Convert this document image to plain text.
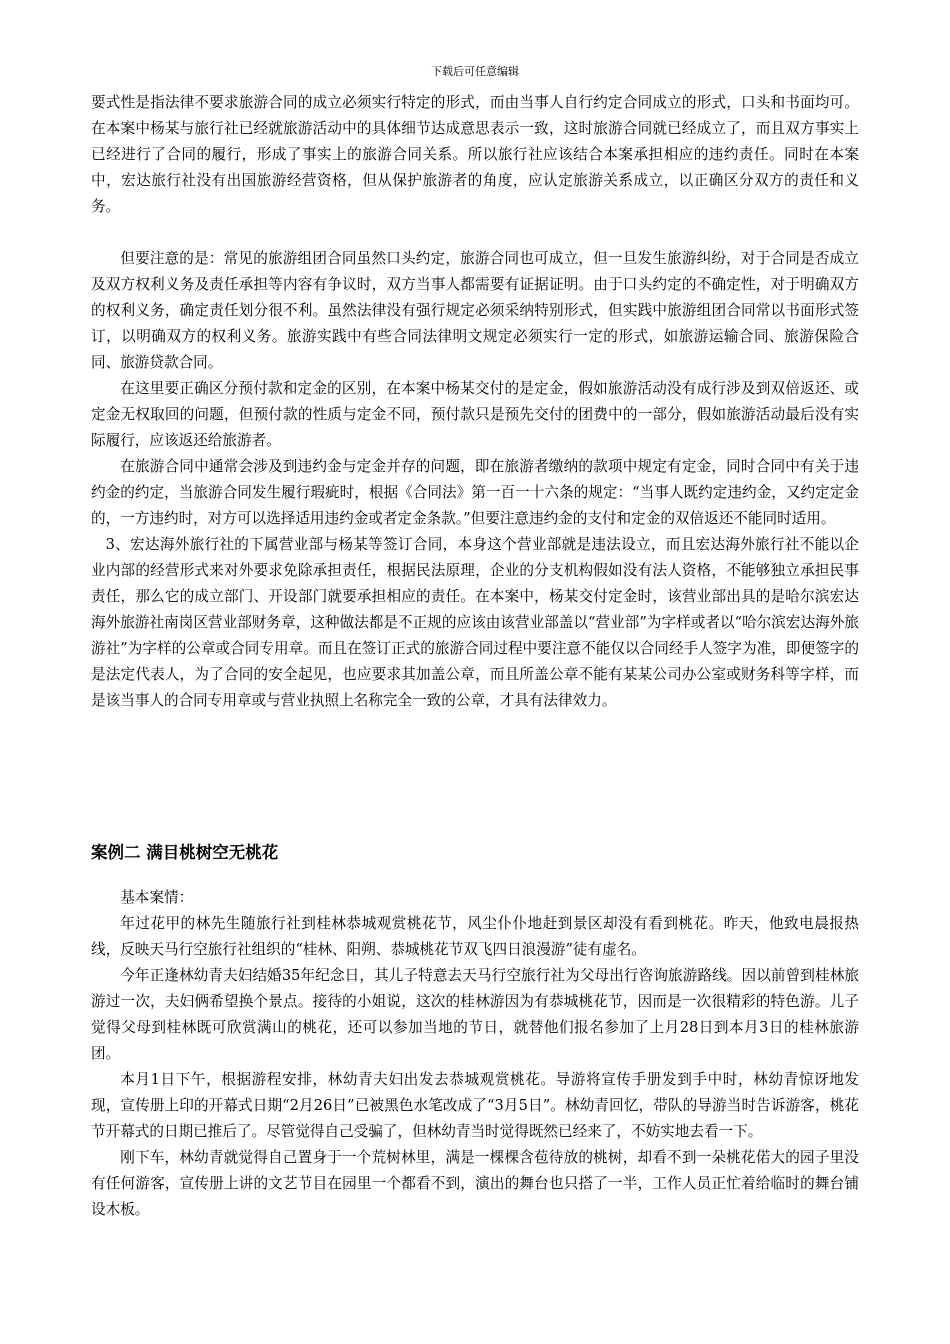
下载后可任意编辑

要式性是指法律不要求旅游合同的成立必须实行特定的形式，而由当事人自行约定合同成立的形式，口头和书面均可。在本案中杨某与旅行社已经就旅游活动中的具体细节达成意思表示一致，这时旅游合同就已经成立了，而且双方事实上已经进行了合同的履行，形成了事实上的旅游合同关系。所以旅行社应该结合本案承担相应的违约责任。同时在本案中，宏达旅行社没有出国旅游经营资格，但从保护旅游者的角度，应认定旅游关系成立，以正确区分双方的责任和义务。

但要注意的是：常见的旅游组团合同虽然口头约定，旅游合同也可成立，但一旦发生旅游纠纷，对于合同是否成立及双方权利义务及责任承担等内容有争议时，双方当事人都需要有证据证明。由于口头约定的不确定性，对于明确双方的权利义务，确定责任划分很不利。虽然法律没有强行规定必须采纳特别形式，但实践中旅游组团合同常以书面形式签订，以明确双方的权利义务。旅游实践中有些合同法律明文规定必须实行一定的形式，如旅游运输合同、旅游保险合同、旅游贷款合同。

在这里要正确区分预付款和定金的区别，在本案中杨某交付的是定金，假如旅游活动没有成行涉及到双倍返还、或定金无权取回的问题，但预付款的性质与定金不同，预付款只是预先交付的团费中的一部分，假如旅游活动最后没有实际履行，应该返还给旅游者。

在旅游合同中通常会涉及到违约金与定金并存的问题，即在旅游者缴纳的款项中规定有定金，同时合同中有关于违约金的约定，当旅游合同发生履行瑕疵时，根据《合同法》第一百一十六条的规定：“当事人既约定违约金，又约定定金的，一方违约时，对方可以选择适用违约金或者定金条款。”但要注意违约金的支付和定金的双倍返还不能同时适用。

3、宏达海外旅行社的下属营业部与杨某等签订合同，本身这个营业部就是违法设立，而且宏达海外旅行社不能以企业内部的经营形式来对外要求免除承担责任，根据民法原理，企业的分支机构假如没有法人资格，不能够独立承担民事责任，那么它的成立部门、开设部门就要承担相应的责任。在本案中，杨某交付定金时，该营业部出具的是哈尔滨宏达海外旅游社南岗区营业部财务章，这种做法都是不正规的应该由该营业部盖以“营业部”为字样或者以“哈尔滨宏达海外旅游社”为字样的公章或合同专用章。而且在签订正式的旅游合同过程中要注意不能仅以合同经手人签字为准，即便签字的是法定代表人，为了合同的安全起见，也应要求其加盖公章，而且所盖公章不能有某某公司办公室或财务科等字样，而是该当事人的合同专用章或与营业执照上名称完全一致的公章，才具有法律效力。

案例二 满目桃树空无桃花

基本案情：

年过花甲的林先生随旅行社到桂林恭城观赏桃花节，风尘仆仆地赶到景区却没有看到桃花。昨天，他致电晨报热线，反映天马行空旅行社组织的“桂林、阳朔、恭城桃花节双飞四日浪漫游”徒有虚名。

今年正逢林幼青夫妇结婚35年纪念日，其儿子特意去天马行空旅行社为父母出行咨询旅游路线。因以前曾到桂林旅游过一次，夫妇俩希望换个景点。接待的小姐说，这次的桂林游因为有恭城桃花节，因而是一次很精彩的特色游。儿子觉得父母到桂林既可欣赏满山的桃花，还可以参加当地的节日，就替他们报名参加了上月28日到本月3日的桂林旅游团。

本月1日下午，根据游程安排，林幼青夫妇出发去恭城观赏桃花。导游将宣传手册发到手中时，林幼青惊讶地发现，宣传册上印的开幕式日期“2月26日”已被黑色水笔改成了“3月5日”。林幼青回忆，带队的导游当时告诉游客，桃花节开幕式的日期已推后了。尽管觉得自己受骗了，但林幼青当时觉得既然已经来了，不妨实地去看一下。

刚下车，林幼青就觉得自己置身于一个荒树林里，满是一棵棵含苞待放的桃树，却看不到一朵桃花偌大的园子里没有任何游客，宣传册上讲的文艺节目在园里一个都看不到，演出的舞台也只搭了一半，工作人员正忙着给临时的舞台铺设木板。
